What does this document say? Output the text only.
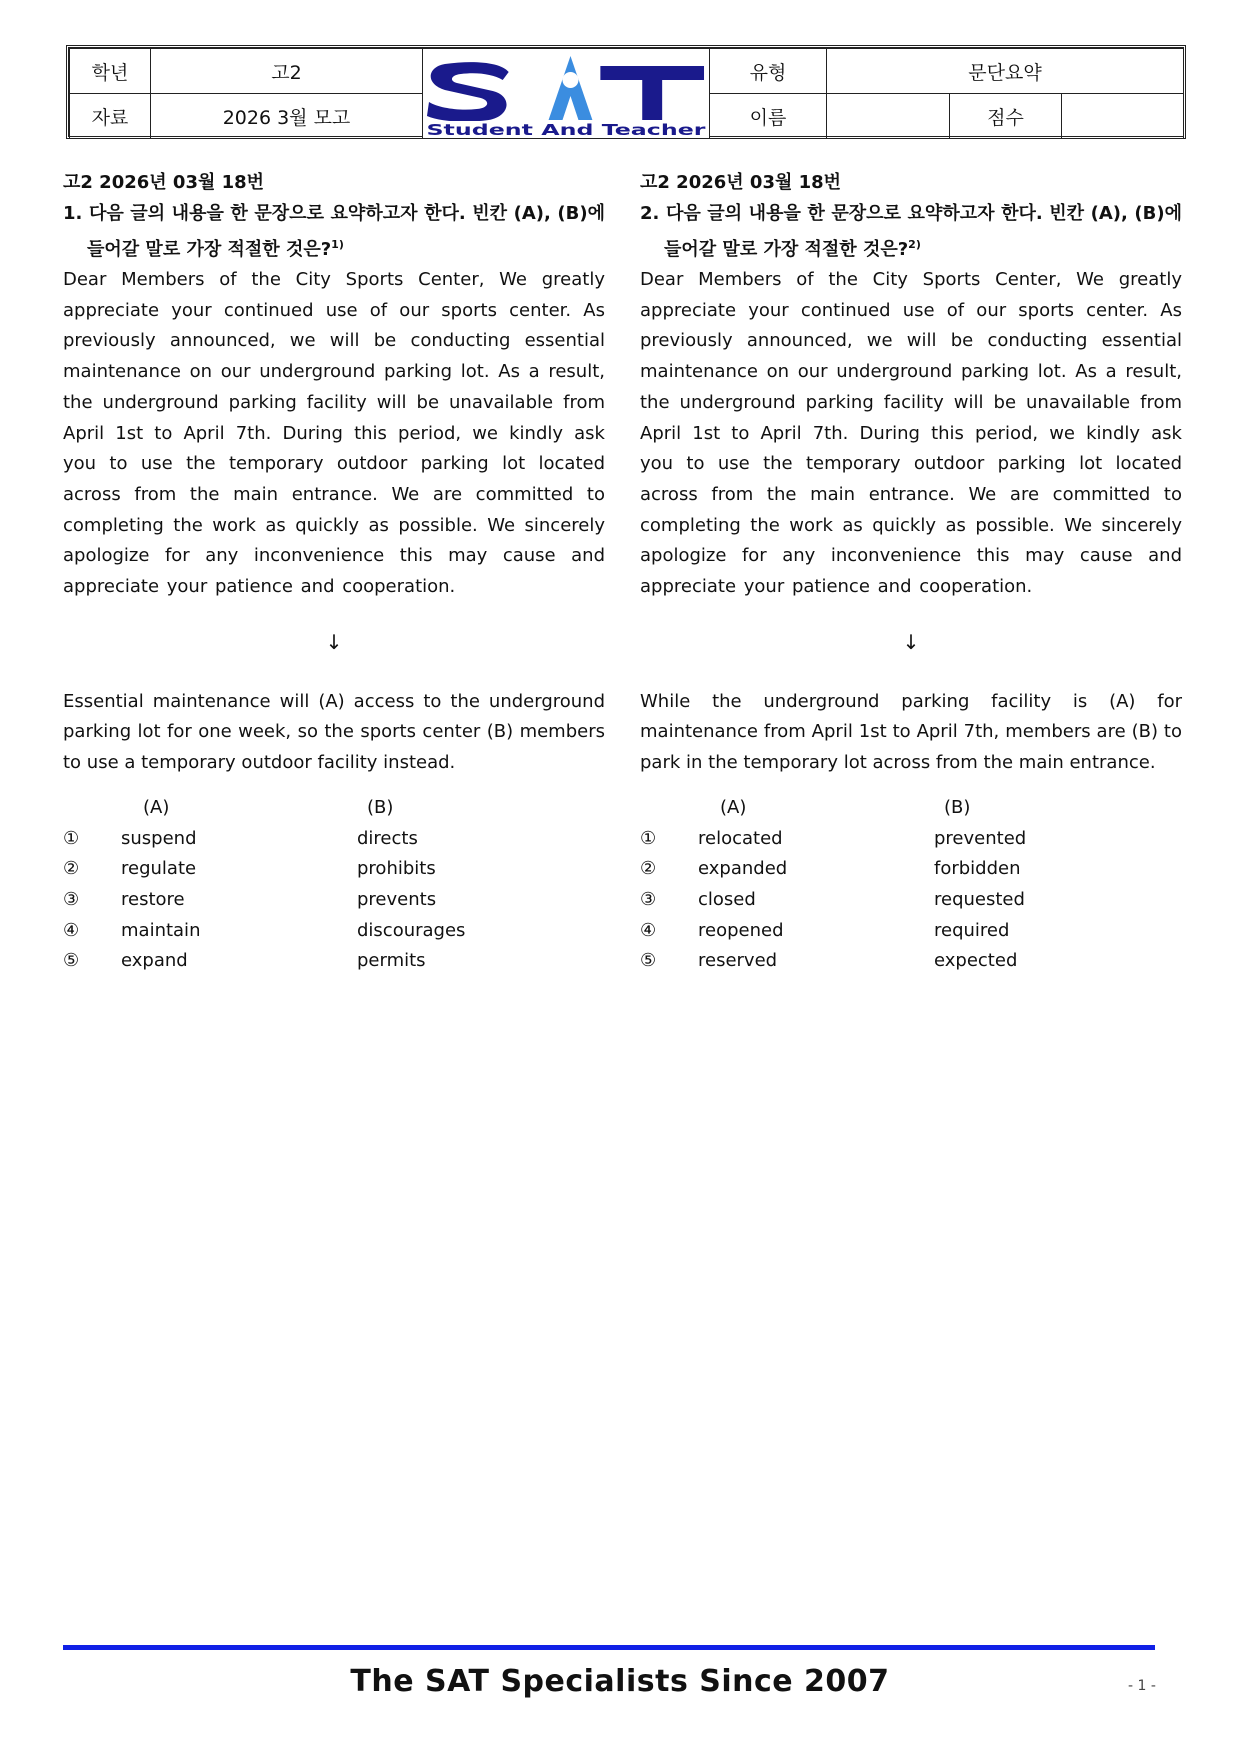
학년	고2	Student And Teacher	유형	문단요약		
자료	2026 3월 모고		이름		점수	

고2 2026년 03월 18번

1. 다음 글의 내용을 한 문장으로 요약하고자 한다. 빈칸 (A), (B)에 들어갈 말로 가장 적절한 것은?$^{1)}$

Dear Members of the City Sports Center, We greatly appreciate your continued use of our sports center. As previously announced, we will be conducting essential maintenance on our underground parking lot. As a result, the underground parking facility will be unavailable from April 1st to April 7th. During this period, we kindly ask you to use the temporary outdoor parking lot located across from the main entrance. We are committed to completing the work as quickly as possible. We sincerely apologize for any inconvenience this may cause and appreciate your patience and cooperation.

↓

Essential maintenance will (A) access to the underground parking lot for one week, so the sports center (B) members to use a temporary outdoor facility instead.

(A)	(B)
①	suspend	directs
②	regulate	prohibits
③	restore	prevents
④	maintain	discourages
⑤	expand	permits

고2 2026년 03월 18번

2. 다음 글의 내용을 한 문장으로 요약하고자 한다. 빈칸 (A), (B)에 들어갈 말로 가장 적절한 것은?$^{2)}$

Dear Members of the City Sports Center, We greatly appreciate your continued use of our sports center. As previously announced, we will be conducting essential maintenance on our underground parking lot. As a result, the underground parking facility will be unavailable from April 1st to April 7th. During this period, we kindly ask you to use the temporary outdoor parking lot located across from the main entrance. We are committed to completing the work as quickly as possible. We sincerely apologize for any inconvenience this may cause and appreciate your patience and cooperation.

↓

While the underground parking facility is (A) for maintenance from April 1st to April 7th, members are (B) to park in the temporary lot across from the main entrance.

(A)	(B)
①	relocated	prevented
②	expanded	forbidden
③	closed	requested
④	reopened	required
⑤	reserved	expected
The SAT Specialists Since 2007	- 1 -
